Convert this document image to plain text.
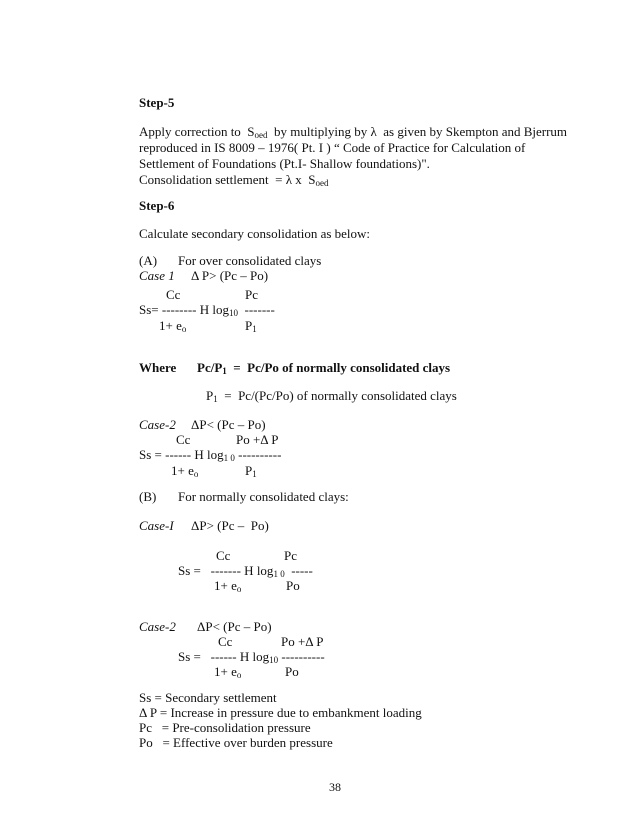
Step-5
Apply correction to  $S_{oed}$  by multiplying by λ  as given by Skempton and Bjerrum
reproduced in IS 8009 – 1976( Pt. I ) “ Code of Practice for Calculation of
Settlement of Foundations (Pt.I- Shallow foundations)".
Consolidation settlement  = λ x  $S_{oed}$
Step-6
Calculate secondary consolidation as below:
(A) For over consolidated clays
Case 1 Δ P> (Pc – Po)
Cc	Pc
Ss= -------- H $\log_{10}$  -------
$1+ e_o$	$P_1$
Where $Pc/P_1 = Pc/Po$ of normally consolidated clays
$P_1 = Pc/(Pc/Po)$ of normally consolidated clays
Case-2 ΔP< (Pc – Po)
Cc	Po +Δ P
Ss = ------ H $\log_{1 0}$ ----------
$1+ e_o$	$P_1$
(B) For normally consolidated clays:
Case-I ΔP> (Pc –  Po)
Cc	Pc
Ss =   ------- H $\log_{1 0}$  -----
$1+ e_o$	Po
Case-2 ΔP< (Pc – Po)
Cc	Po +Δ P
Ss =   ------ H $\log_{10}$ ----------
$1+ e_o$	Po
Ss = Secondary settlement
Δ P = Increase in pressure due to embankment loading
Pc   = Pre-consolidation pressure
Po   = Effective over burden pressure
38
